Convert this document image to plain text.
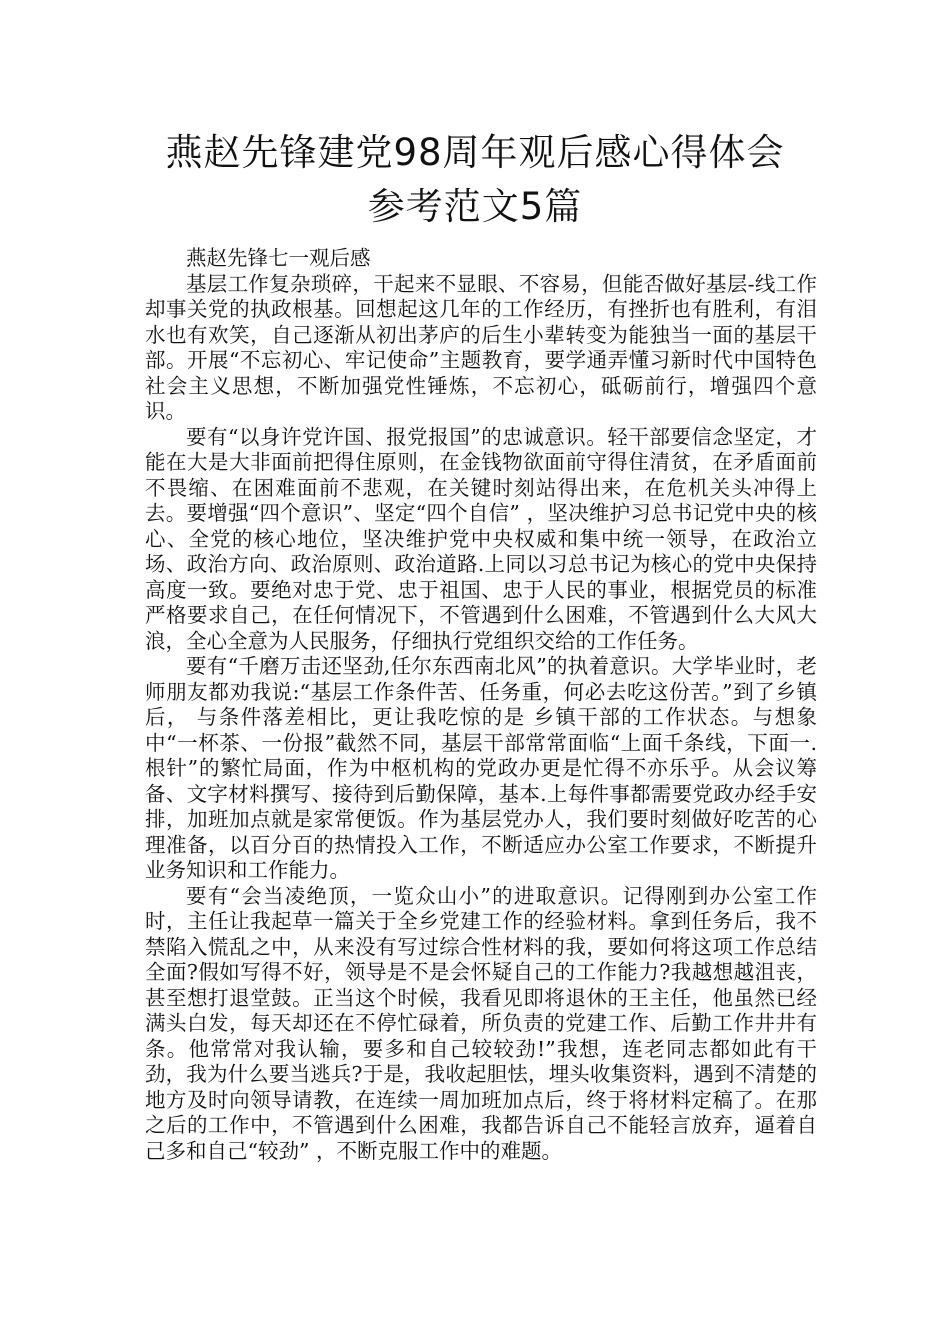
燕赵先锋建党98周年观后感心得体会
参考范文5篇

燕赵先锋七一观后感

基层工作复杂琐碎，干起来不显眼、不容易，但能否做好基层-线工作却事关党的执政根基。回想起这几年的工作经历，有挫折也有胜利，有泪水也有欢笑，自己逐渐从初出茅庐的后生小辈转变为能独当一面的基层干部。开展“不忘初心、牢记使命”主题教育，要学通弄懂习新时代中国特色社会主义思想，不断加强党性锤炼，不忘初心，砥砺前行，增强四个意识。

要有“以身许党许国、报党报国”的忠诚意识。轻干部要信念坚定，才能在大是大非面前把得住原则，在金钱物欲面前守得住清贫，在矛盾面前不畏缩、在困难面前不悲观，在关键时刻站得出来，在危机关头冲得上去。要增强“四个意识”、坚定“四个自信” ，坚决维护习总书记党中央的核心、全党的核心地位，坚决维护党中央权威和集中统一领导，在政治立场、政治方向、政治原则、政治道路.上同以习总书记为核心的党中央保持高度一致。要绝对忠于党、忠于祖国、忠于人民的事业，根据党员的标准严格要求自己，在任何情况下，不管遇到什么困难，不管遇到什么大风大浪，全心全意为人民服务，仔细执行党组织交给的工作任务。

要有“千磨万击还坚劲,任尔东西南北风”的执着意识。大学毕业时，老师朋友都劝我说:“基层工作条件苦、任务重，何必去吃这份苦。”到了乡镇后， 与条件落差相比，更让我吃惊的是 乡镇干部的工作状态。与想象中“一杯茶、一份报”截然不同，基层干部常常面临“上面千条线，下面一.根针”的繁忙局面，作为中枢机构的党政办更是忙得不亦乐乎。从会议筹备、文字材料撰写、接待到后勤保障，基本.上每件事都需要党政办经手安排，加班加点就是家常便饭。作为基层党办人，我们要时刻做好吃苦的心理准备，以百分百的热情投入工作，不断适应办公室工作要求，不断提升业务知识和工作能力。

要有“会当凌绝顶，一览众山小”的进取意识。记得刚到办公室工作时，主任让我起草一篇关于全乡党建工作的经验材料。拿到任务后，我不禁陷入慌乱之中，从来没有写过综合性材料的我，要如何将这项工作总结全面?假如写得不好，领导是不是会怀疑自己的工作能力?我越想越沮丧，甚至想打退堂鼓。正当这个时候，我看见即将退休的王主任，他虽然已经满头白发，每天却还在不停忙碌着，所负责的党建工作、后勤工作井井有条。他常常对我认输，要多和自己较较劲!”我想，连老同志都如此有干劲，我为什么要当逃兵?于是，我收起胆怯，埋头收集资料，遇到不清楚的地方及时向领导请教，在连续一周加班加点后，终于将材料定稿了。在那之后的工作中，不管遇到什么困难，我都告诉自己不能轻言放弃，逼着自己多和自己“较劲” ，不断克服工作中的难题。
